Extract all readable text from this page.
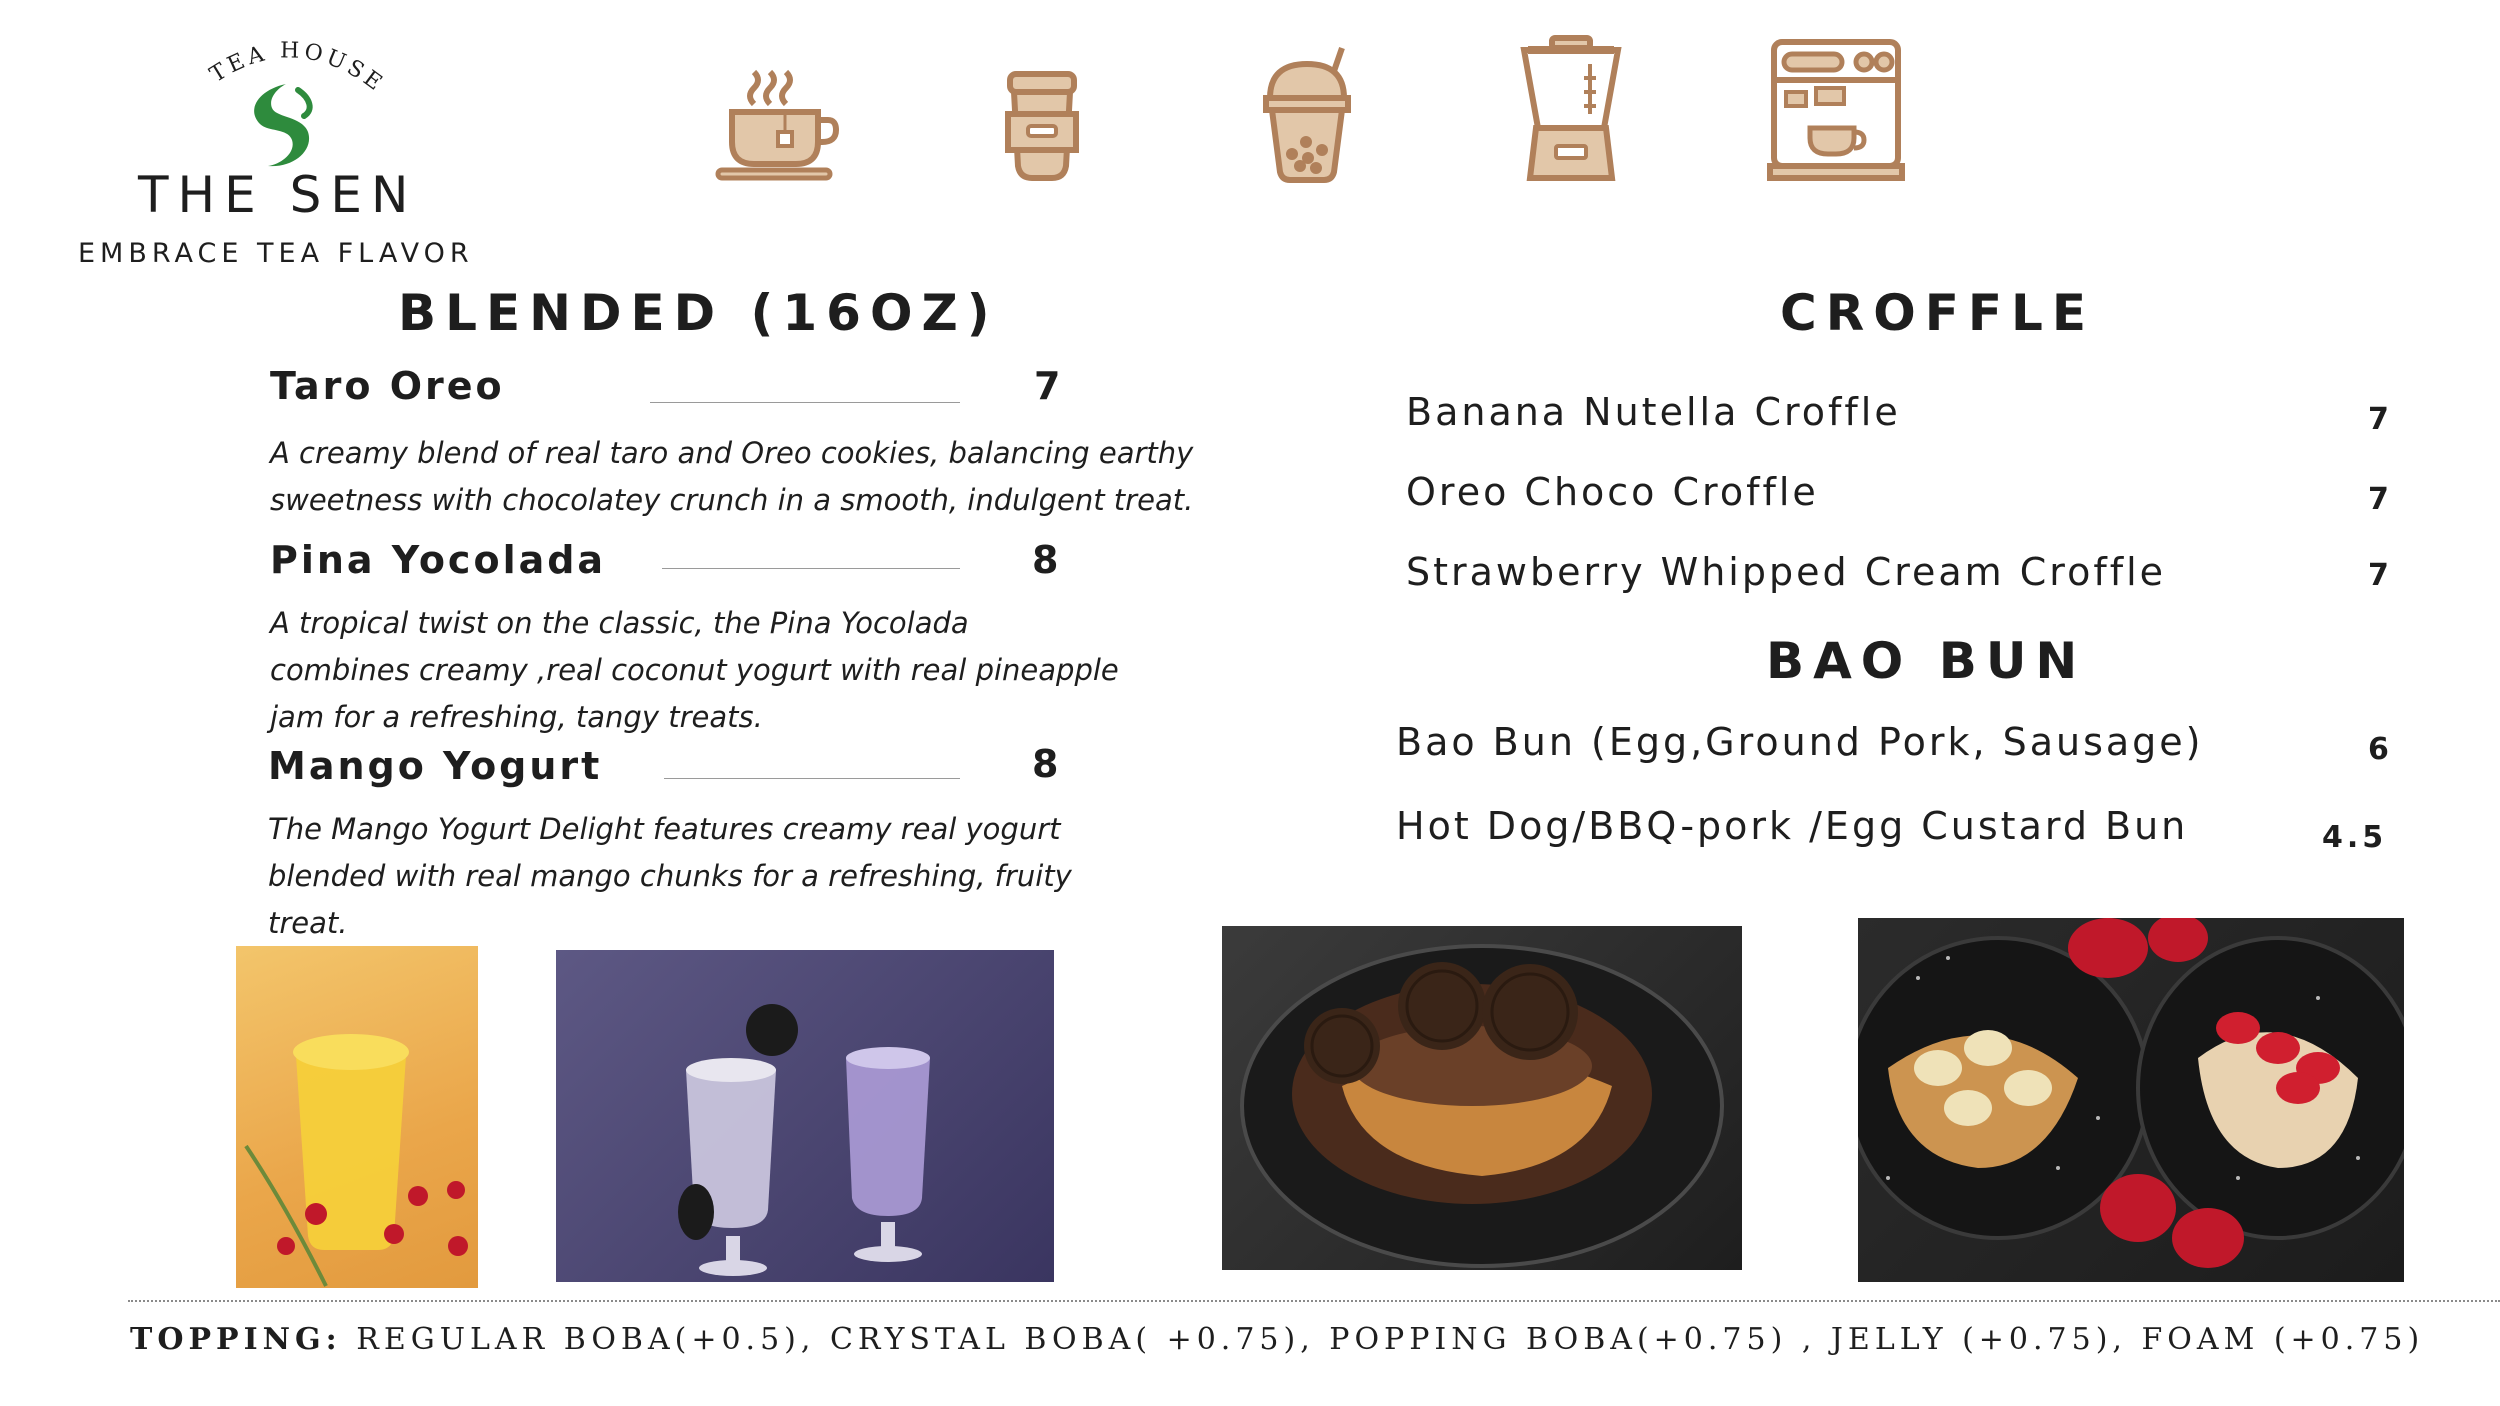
TEA HOUSE
THE SEN
EMBRACE TEA FLAVOR
BLENDED (16OZ)
Taro Oreo	7
A creamy blend of real taro and Oreo cookies, balancing earthy
sweetness with chocolatey crunch in a smooth, indulgent treat.
Pina Yocolada	8
A tropical twist on the classic, the Pina Yocolada
combines creamy ,real coconut yogurt with real pineapple
jam for a refreshing, tangy treats.
Mango Yogurt	8
The Mango Yogurt Delight features creamy real yogurt
blended with real mango chunks for a refreshing, fruity
treat.
CROFFLE
Banana Nutella Croffle	7
Oreo Choco Croffle	7
Strawberry Whipped Cream Croffle	7
BAO BUN
Bao Bun (Egg,Ground Pork, Sausage)	6
Hot Dog/BBQ-pork /Egg Custard Bun	4.5
TOPPING: REGULAR BOBA(+0.5), CRYSTAL BOBA( +0.75), POPPING BOBA(+0.75) , JELLY (+0.75), FOAM (+0.75)
